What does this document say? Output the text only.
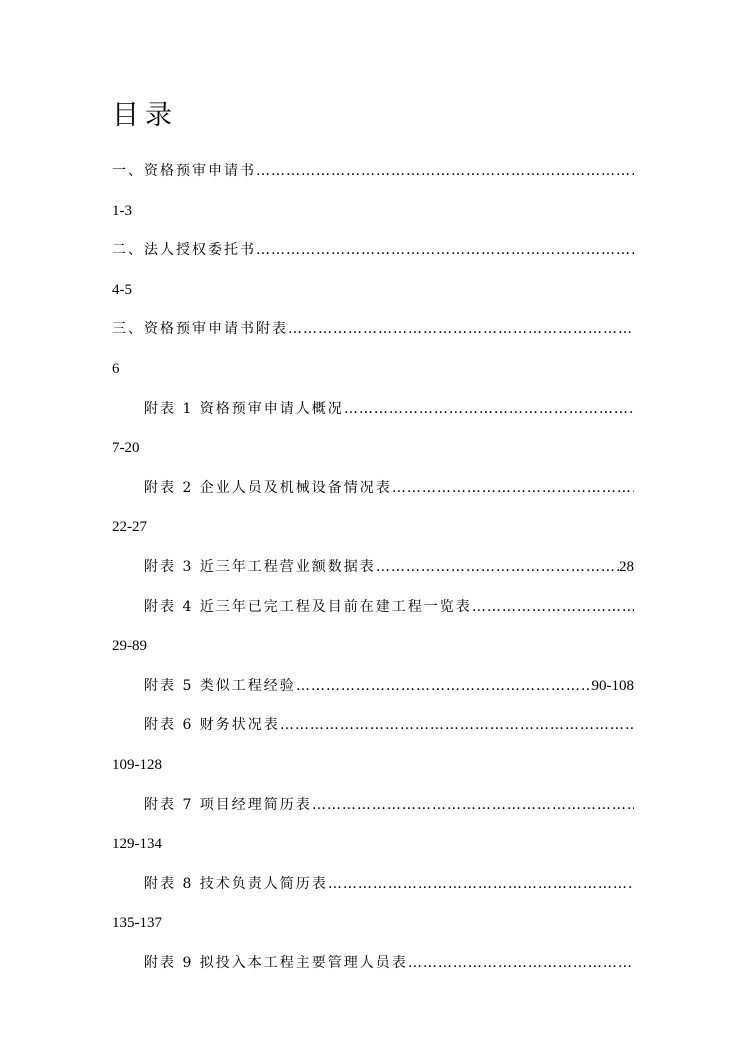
目录
一、资格预审申请书
…………………………………………………………………………………………………………………………………………………………
1-3
二、法人授权委托书
…………………………………………………………………………………………………………………………………………………………
4-5
三、资格预审申请书附表
…………………………………………………………………………………………………………………………………………………………
6
附表 1 资格预审申请人概况
…………………………………………………………………………………………………………………………………………………………
7-20
附表 2 企业人员及机械设备情况表
…………………………………………………………………………………………………………………………………………………………
22-27
附表 3 近三年工程营业额数据表 …………………………………………………………………………………………………………………………………………………………	28
附表 4 近三年已完工程及目前在建工程一览表
…………………………………………………………………………………………………………………………………………………………
29-89
附表 5 类似工程经验 …………………………………………………………………………………………………………………………………………………………	90-108
附表 6 财务状况表
…………………………………………………………………………………………………………………………………………………………
109-128
附表 7 项目经理简历表
…………………………………………………………………………………………………………………………………………………………
129-134
附表 8 技术负责人简历表
…………………………………………………………………………………………………………………………………………………………
135-137
附表 9 拟投入本工程主要管理人员表
…………………………………………………………………………………………………………………………………………………………
